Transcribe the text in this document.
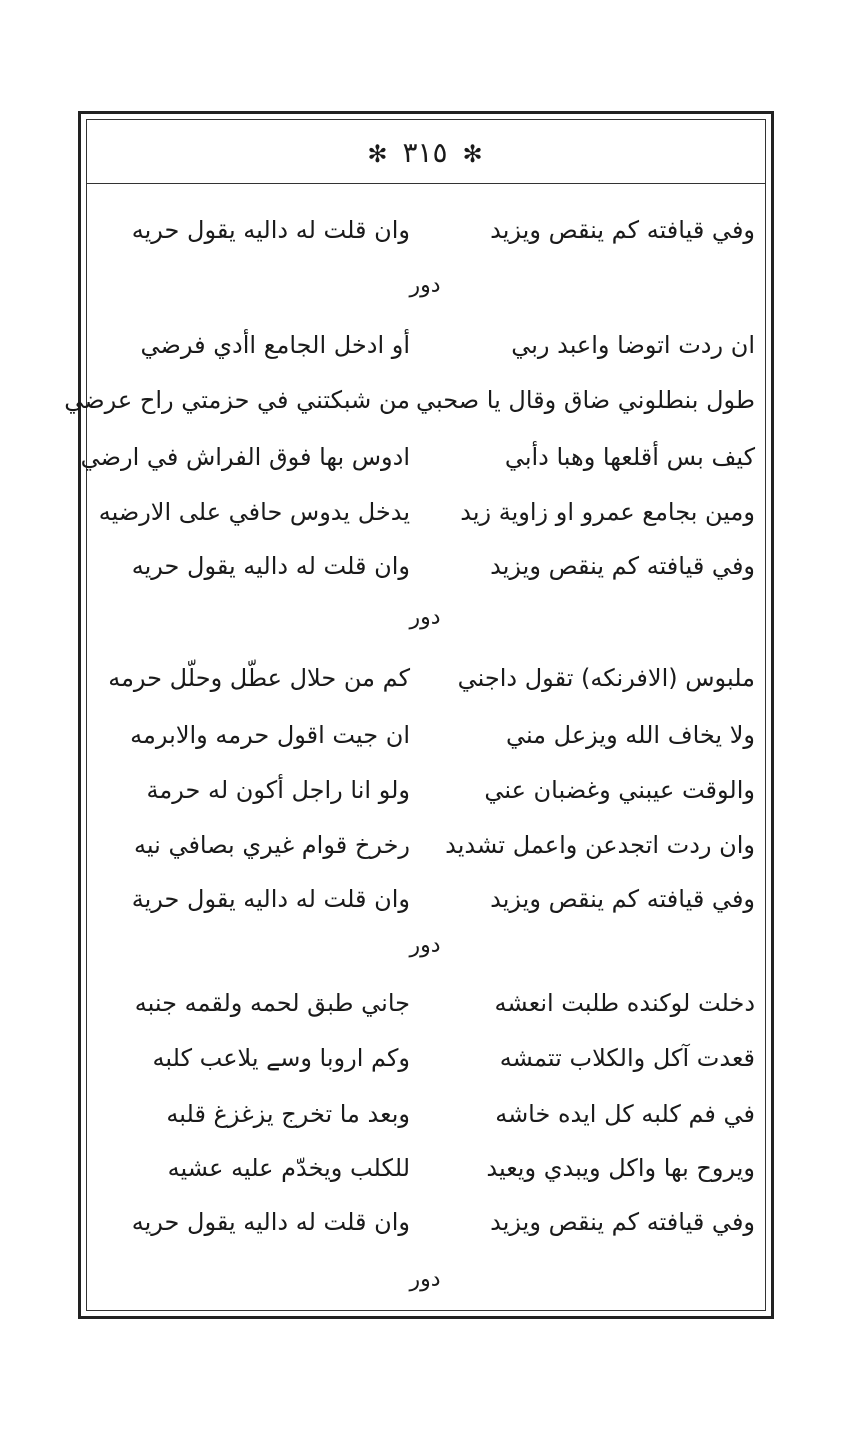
✻ ٣١٥ ✻
وفي قيافته كم ينقص ويزيد
وان قلت له داليه يقول حريه
دور
ان ردت اتوضا واعبد ربي
أو ادخل الجامع اأدي فرضي
طول بنطلوني ضاق وقال يا صحبي
من شبكتني في حزمتي راح عرضي
كيف بس أقلعها وهبا دأبي
ادوس بها فوق الفراش في ارضي
ومين بجامع عمرو او زاوية زيد
يدخل يدوس حافي على الارضيه
وفي قيافته كم ينقص ويزيد
وان قلت له داليه يقول حريه
دور
ملبوس (الافرنكه) تقول داجني
كم من حلال عطّل وحلّل حرمه
ولا يخاف الله ويزعل مني
ان جيت اقول حرمه والابرمه
والوقت عيبني وغضبان عني
ولو انا راجل أكون له حرمة
وان ردت اتجدعن واعمل تشديد
رخرخ قوام غيري بصافي نيه
وفي قيافته كم ينقص ويزيد
وان قلت له داليه يقول حرية
دور
دخلت لوكنده طلبت انعشه
جاني طبق لحمه ولقمه جنبه
قعدت آكل والكلاب تتمشه
وكم اروبا وسے يلاعب كلبه
في فم كلبه كل ايده خاشه
وبعد ما تخرج يزغزغ قلبه
ويروح بها واكل ويبدي ويعيد
للكلب ويخدّم عليه عشيه
وفي قيافته كم ينقص ويزيد
وان قلت له داليه يقول حريه
دور
